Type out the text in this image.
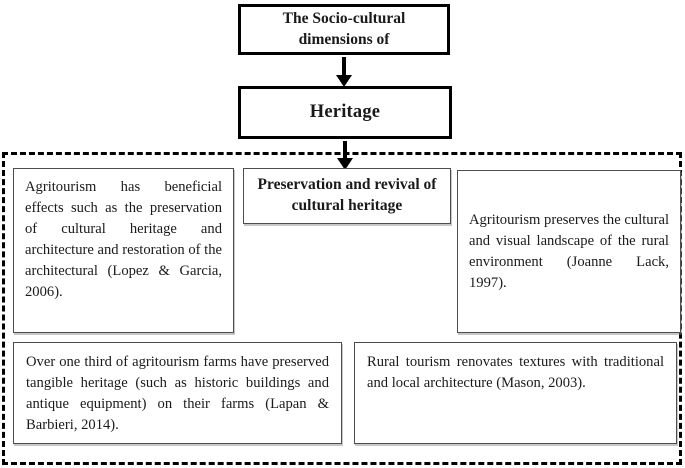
The Socio-cultural dimensions of
Heritage
Preservation and revival of cultural heritage
Agritourism has beneficial effects such as the preservation of cultural heritage and architecture and restoration of the architectural (Lopez & Garcia, 2006).
Agritourism preserves the cultural and visual landscape of the rural environment (Joanne Lack, 1997).
Over one third of agritourism farms have preserved tangible heritage (such as historic buildings and antique equipment) on their farms (Lapan & Barbieri, 2014).
Rural tourism renovates textures with traditional and local architecture (Mason, 2003).
